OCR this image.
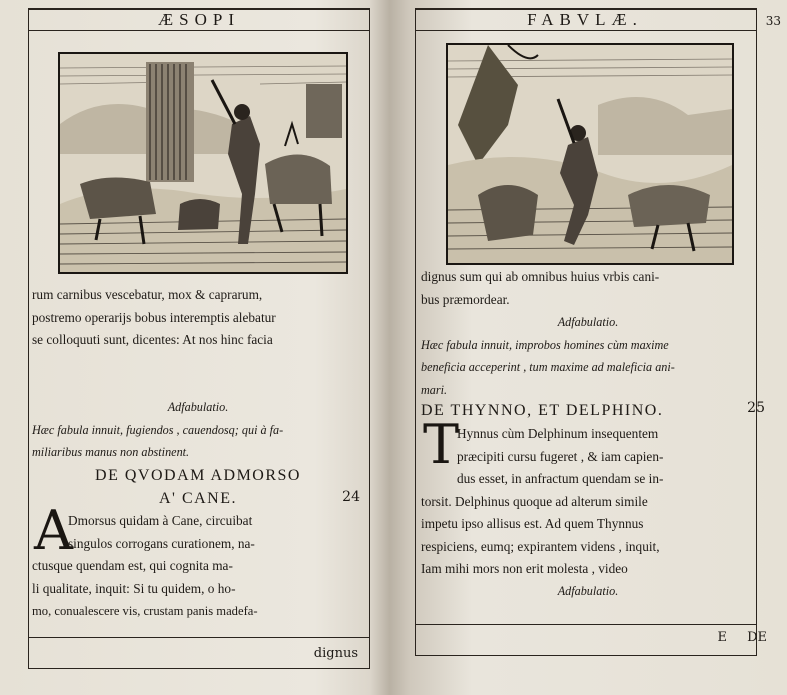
ÆSOPI
rum carnibus vescebatur, mox & caprarum,
postremo operarijs bobus interemptis alebatur
se colloquuti sunt, dicentes: At nos hinc facia
Adfabulatio.
Hæc fabula innuit, fugiendos , cauendosq; qui à fa-
miliaribus manus non abstinent.
DE QVODAM ADMORSO
A' CANE.	24
A
Dmorsus quidam à Cane, circuibat
singulos corrogans curationem, na-
ctusque quendam est, qui cognita ma-
li qualitate, inquit: Si tu quidem, o ho-
mo, conualescere vis, crustam panis madefa-
dignus
FABVLÆ.	33
dignus sum qui ab omnibus huius vrbis cani-
bus præmordear.
Adfabulatio.
Hæc fabula innuit, improbos homines cùm maxime
beneficia acceperint , tum maxime ad maleficia ani-
mari.
DE THYNNO, ET DELPHINO.	25
T
Hynnus cùm Delphinum insequentem
præcipiti cursu fugeret , & iam capien-
dus esset, in anfractum quendam se in-
torsit. Delphinus quoque ad alterum simile
impetu ipso allisus est. Ad quem Thynnus
respiciens, eumq; expirantem videns , inquit,
Iam mihi mors non erit molesta , video
Adfabulatio.
E DE
